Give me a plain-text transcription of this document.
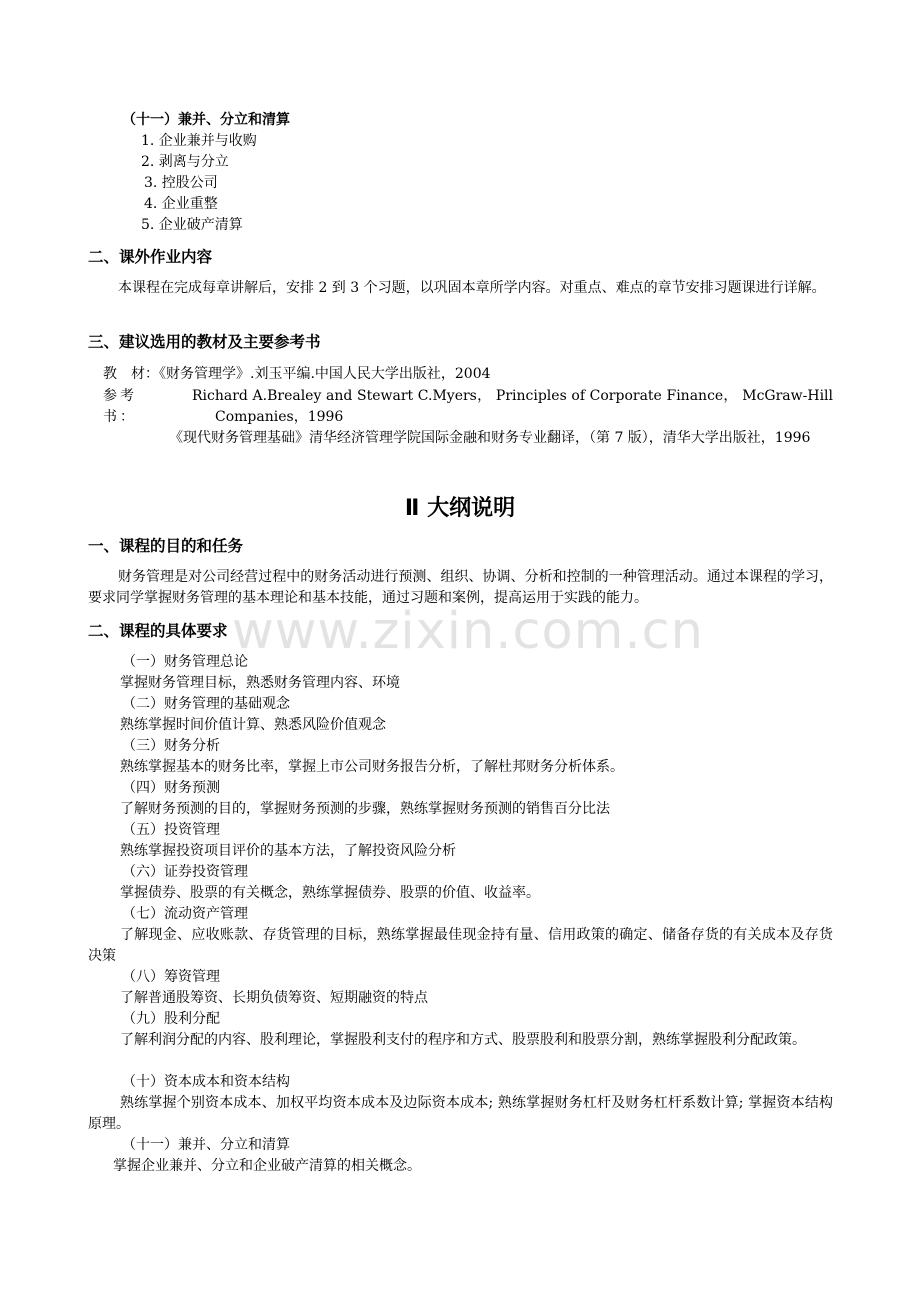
www.zixin.com.cn
（十一）兼并、分立和清算
1. 企业兼并与收购
2. 剥离与分立
3. 控股公司
4. 企业重整
5. 企业破产清算
二、课外作业内容
本课程在完成每章讲解后，安排 2 到 3 个习题，以巩固本章所学内容。对重点、难点的章节安排习题课进行详解。
三、建议选用的教材及主要参考书
教　材：《财务管理学》.刘玉平编.中国人民大学出版社，2004
参考书：
Richard A.Brealey and Stewart C.Myers， Principles of Corporate Finance， McGraw-Hill Companies，1996
《现代财务管理基础》清华经济管理学院国际金融和财务专业翻译，（第 7 版），清华大学出版社，1996
Ⅱ 大纲说明
一、课程的目的和任务
财务管理是对公司经营过程中的财务活动进行预测、组织、协调、分析和控制的一种管理活动。通过本课程的学习，要求同学掌握财务管理的基本理论和基本技能，通过习题和案例，提高运用于实践的能力。
二、课程的具体要求
（一）财务管理总论
掌握财务管理目标，熟悉财务管理内容、环境
（二）财务管理的基础观念
熟练掌握时间价值计算、熟悉风险价值观念
（三）财务分析
熟练掌握基本的财务比率，掌握上市公司财务报告分析，了解杜邦财务分析体系。
（四）财务预测
了解财务预测的目的，掌握财务预测的步骤，熟练掌握财务预测的销售百分比法
（五）投资管理
熟练掌握投资项目评价的基本方法，了解投资风险分析
（六）证券投资管理
掌握债券、股票的有关概念，熟练掌握债券、股票的价值、收益率。
（七）流动资产管理
了解现金、应收账款、存货管理的目标，熟练掌握最佳现金持有量、信用政策的确定、储备存货的有关成本及存货决策
（八）筹资管理
了解普通股筹资、长期负债筹资、短期融资的特点
（九）股利分配
了解利润分配的内容、股利理论，掌握股利支付的程序和方式、股票股利和股票分割，熟练掌握股利分配政策。
（十）资本成本和资本结构
熟练掌握个别资本成本、加权平均资本成本及边际资本成本; 熟练掌握财务杠杆及财务杠杆系数计算; 掌握资本结构原理。
（十一）兼并、分立和清算
掌握企业兼并、分立和企业破产清算的相关概念。
